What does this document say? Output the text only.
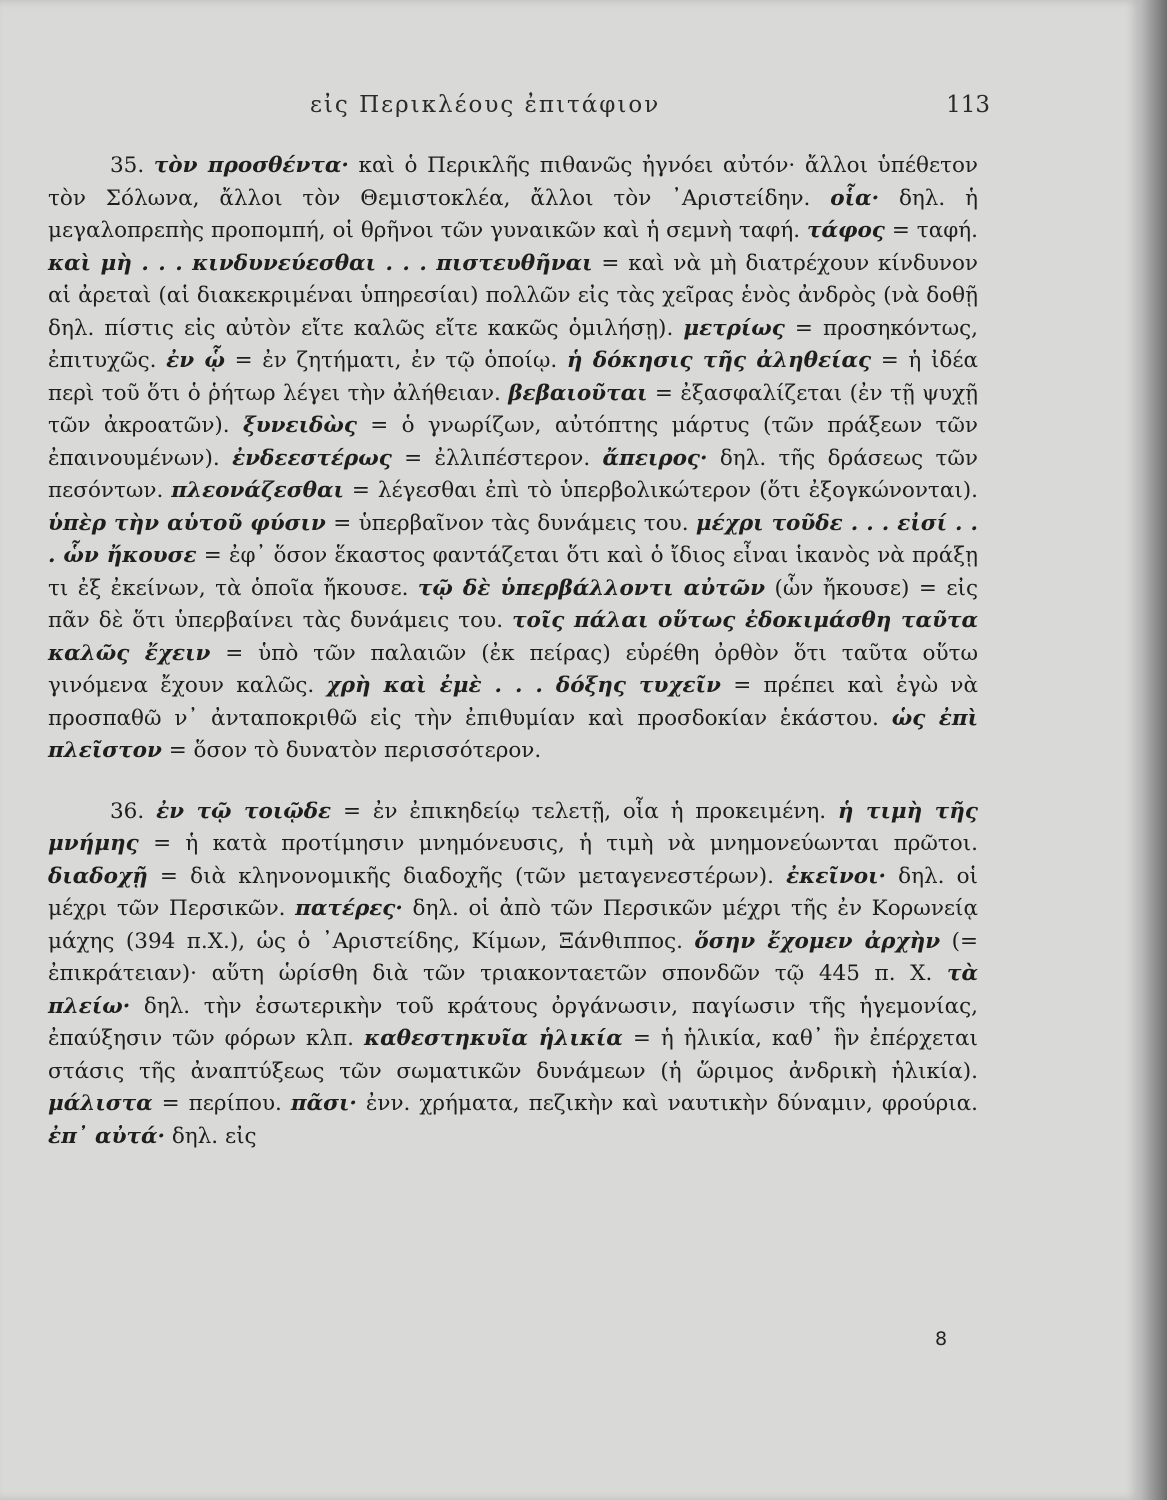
εἰς Περικλέους ἐπιτάφιον	113

35. τὸν προσθέντα· καὶ ὁ Περικλῆς πιθανῶς ἠγνόει αὐτόν· ἄλλοι ὑπέθετον τὸν Σόλωνα, ἄλλοι τὸν Θεμιστοκλέα, ἄλλοι τὸν ᾽Αριστείδην. οἷα· δηλ. ἡ μεγαλοπρεπὴς προπομπή, οἱ θρῆνοι τῶν γυναικῶν καὶ ἡ σεμνὴ ταφή. τάφος = ταφή. καὶ μὴ . . . κινδυνεύεσθαι . . . πιστευθῆναι = καὶ νὰ μὴ διατρέχουν κίνδυνον αἱ ἀρεταὶ (αἱ διακεκριμέναι ὑπηρεσίαι) πολλῶν εἰς τὰς χεῖρας ἑνὸς ἀνδρὸς (νὰ δοθῇ δηλ. πίστις εἰς αὐτὸν εἴτε καλῶς εἴτε κακῶς ὁμιλήσῃ). μετρίως = προσηκόντως, ἐπιτυχῶς. ἐν ᾧ = ἐν ζητήματι, ἐν τῷ ὁποίῳ. ἡ δόκησις τῆς ἀληθείας = ἡ ἰδέα περὶ τοῦ ὅτι ὁ ῥήτωρ λέγει τὴν ἀλήθειαν. βεβαιοῦται = ἐξασφαλίζεται (ἐν τῇ ψυχῇ τῶν ἀκροατῶν). ξυνειδὼς = ὁ γνωρίζων, αὐτόπτης μάρτυς (τῶν πράξεων τῶν ἐπαινουμένων). ἐνδεεστέρως = ἐλλιπέστερον. ἄπειρος· δηλ. τῆς δράσεως τῶν πεσόντων. πλεονάζεσθαι = λέγεσθαι ἐπὶ τὸ ὑπερβολικώτερον (ὅτι ἐξογκώνονται). ὑπὲρ τὴν αὑτοῦ φύσιν = ὑπερβαῖνον τὰς δυνάμεις του. μέχρι τοῦδε . . . εἰσί . . . ὧν ἤκουσε = ἐφ᾽ ὅσον ἕκαστος φαντάζεται ὅτι καὶ ὁ ἴδιος εἶναι ἱκανὸς νὰ πράξῃ τι ἐξ ἐκείνων, τὰ ὁποῖα ἤκουσε. τῷ δὲ ὑπερβάλλοντι αὐτῶν (ὧν ἤκουσε) = εἰς πᾶν δὲ ὅτι ὑπερβαίνει τὰς δυνάμεις του. τοῖς πάλαι οὕτως ἐδοκιμάσθη ταῦτα καλῶς ἔχειν = ὑπὸ τῶν παλαιῶν (ἐκ πείρας) εὑρέθη ὀρθὸν ὅτι ταῦτα οὕτω γινόμενα ἔχουν καλῶς. χρὴ καὶ ἐμὲ . . . δόξης τυχεῖν = πρέπει καὶ ἐγὼ νὰ προσπαθῶ ν᾽ ἀνταποκριθῶ εἰς τὴν ἐπιθυμίαν καὶ προσδοκίαν ἑκάστου. ὡς ἐπὶ πλεῖστον = ὅσον τὸ δυνατὸν περισσότερον.

36. ἐν τῷ τοιῷδε = ἐν ἐπικηδείῳ τελετῇ, οἷα ἡ προκειμένη. ἡ τιμὴ τῆς μνήμης = ἡ κατὰ προτίμησιν μνημόνευσις, ἡ τιμὴ νὰ μνημονεύωνται πρῶτοι. διαδοχῇ = διὰ κληνονομικῆς διαδοχῆς (τῶν μεταγενεστέρων). ἐκεῖνοι· δηλ. οἱ μέχρι τῶν Περσικῶν. πατέρες· δηλ. οἱ ἀπὸ τῶν Περσικῶν μέχρι τῆς ἐν Κορωνείᾳ μάχης (394 π.Χ.), ὡς ὁ ᾽Αριστείδης, Κίμων, Ξάνθιππος. ὅσην ἔχομεν ἀρχὴν (= ἐπικράτειαν)· αὕτη ὡρίσθη διὰ τῶν τριακονταετῶν σπονδῶν τῷ 445 π. Χ. τὰ πλείω· δηλ. τὴν ἐσωτερικὴν τοῦ κράτους ὀργάνωσιν, παγίωσιν τῆς ἡγεμονίας, ἐπαύξησιν τῶν φόρων κλπ. καθεστηκυῖα ἡλικία = ἡ ἡλικία, καθ᾽ ἣν ἐπέρχεται στάσις τῆς ἀναπτύξεως τῶν σωματικῶν δυνάμεων (ἡ ὥριμος ἀνδρικὴ ἡλικία). μάλιστα = περίπου. πᾶσι· ἐνν. χρήματα, πεζικὴν καὶ ναυτικὴν δύναμιν, φρούρια. ἐπ᾽ αὐτά· δηλ. εἰς

8
